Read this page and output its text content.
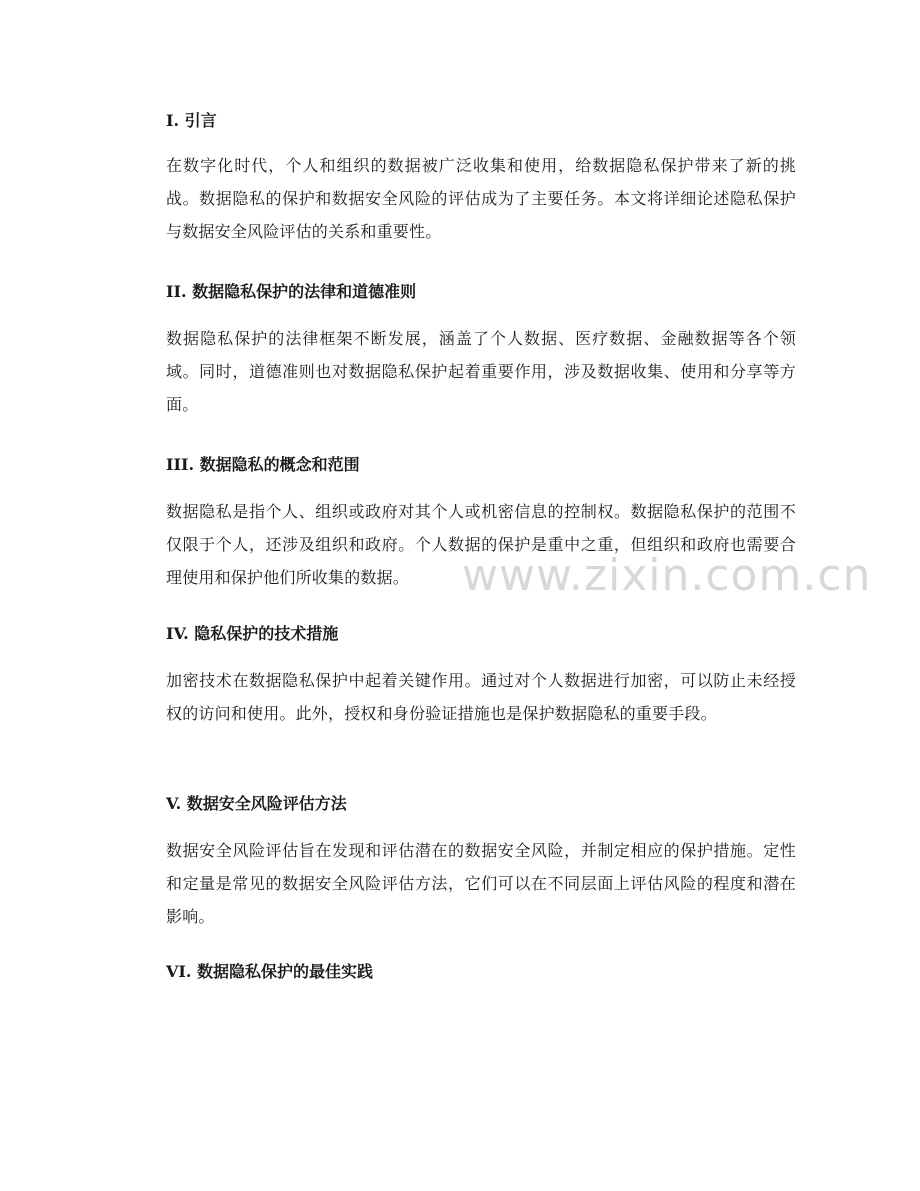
I. 引言

在数字化时代，个人和组织的数据被广泛收集和使用，给数据隐私保护带来了新的挑战。数据隐私的保护和数据安全风险的评估成为了主要任务。本文将详细论述隐私保护与数据安全风险评估的关系和重要性。

II. 数据隐私保护的法律和道德准则

数据隐私保护的法律框架不断发展，涵盖了个人数据、医疗数据、金融数据等各个领域。同时，道德准则也对数据隐私保护起着重要作用，涉及数据收集、使用和分享等方面。

III. 数据隐私的概念和范围

数据隐私是指个人、组织或政府对其个人或机密信息的控制权。数据隐私保护的范围不仅限于个人，还涉及组织和政府。个人数据的保护是重中之重，但组织和政府也需要合理使用和保护他们所收集的数据。

IV. 隐私保护的技术措施

加密技术在数据隐私保护中起着关键作用。通过对个人数据进行加密，可以防止未经授权的访问和使用。此外，授权和身份验证措施也是保护数据隐私的重要手段。

V. 数据安全风险评估方法

数据安全风险评估旨在发现和评估潜在的数据安全风险，并制定相应的保护措施。定性和定量是常见的数据安全风险评估方法，它们可以在不同层面上评估风险的程度和潜在影响。

VI. 数据隐私保护的最佳实践
www.zixin.com.cn
